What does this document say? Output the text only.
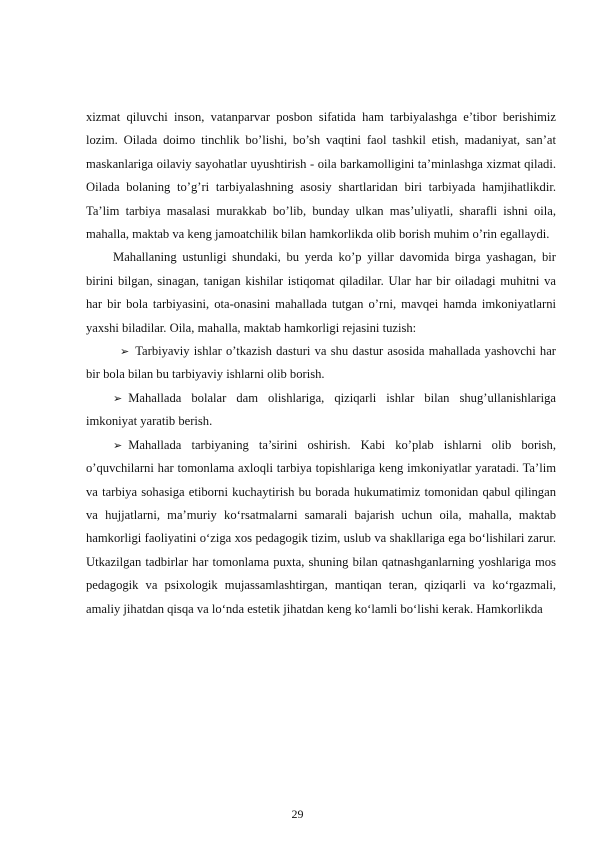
xizmat qiluvchi inson, vatanparvar posbon sifatida ham tarbiyalashga e’tibor berishimiz lozim. Oilada doimo tinchlik bo’lishi, bo’sh vaqtini faol tashkil etish, madaniyat, san’at maskanlariga oilaviy sayohatlar uyushtirish - oila barkamolligini ta’minlashga xizmat qiladi. Oilada bolaning to’g’ri tarbiyalashning asosiy shartlaridan biri tarbiyada hamjihatlikdir. Ta’lim tarbiya masalasi murakkab bo’lib, bunday ulkan mas’uliyatli, sharafli ishni oila, mahalla, maktab va keng jamoatchilik bilan hamkorlikda olib borish muhim o’rin egallaydi.

Mahallaning ustunligi shundaki, bu yerda ko’p yillar davomida birga yashagan, bir birini bilgan, sinagan, tanigan kishilar istiqomat qiladilar. Ular har bir oiladagi muhitni va har bir bola tarbiyasini, ota-onasini mahallada tutgan o’rni, mavqei hamda imkoniyatlarni yaxshi biladilar. Oila, mahalla, maktab hamkorligi rejasini tuzish:

➢ Tarbiyaviy ishlar o’tkazish dasturi va shu dastur asosida mahallada yashovchi har bir bola bilan bu tarbiyaviy ishlarni olib borish.

➢ Mahallada bolalar dam olishlariga, qiziqarli ishlar bilan shug’ullanishlariga imkoniyat yaratib berish.

➢ Mahallada tarbiyaning ta’sirini oshirish. Kabi ko’plab ishlarni olib borish, o’quvchilarni har tomonlama axloqli tarbiya topishlariga keng imkoniyatlar yaratadi. Ta’lim va tarbiya sohasiga etiborni kuchaytirish bu borada hukumatimiz tomonidan qabul qilingan va hujjatlarni, ma’muriy ko‘rsatmalarni samarali bajarish uchun oila, mahalla, maktab hamkorligi faoliyatini o‘ziga xos pedagogik tizim, uslub va shakllariga ega bo‘lishilari zarur. Utkazilgan tadbirlar har tomonlama puxta, shuning bilan qatnashganlarning yoshlariga mos pedagogik va psixologik mujassamlashtirgan, mantiqan teran, qiziqarli va ko‘rgazmali, amaliy jihatdan qisqa va lo‘nda estetik jihatdan keng ko‘lamli bo‘lishi kerak. Hamkorlikda

29
